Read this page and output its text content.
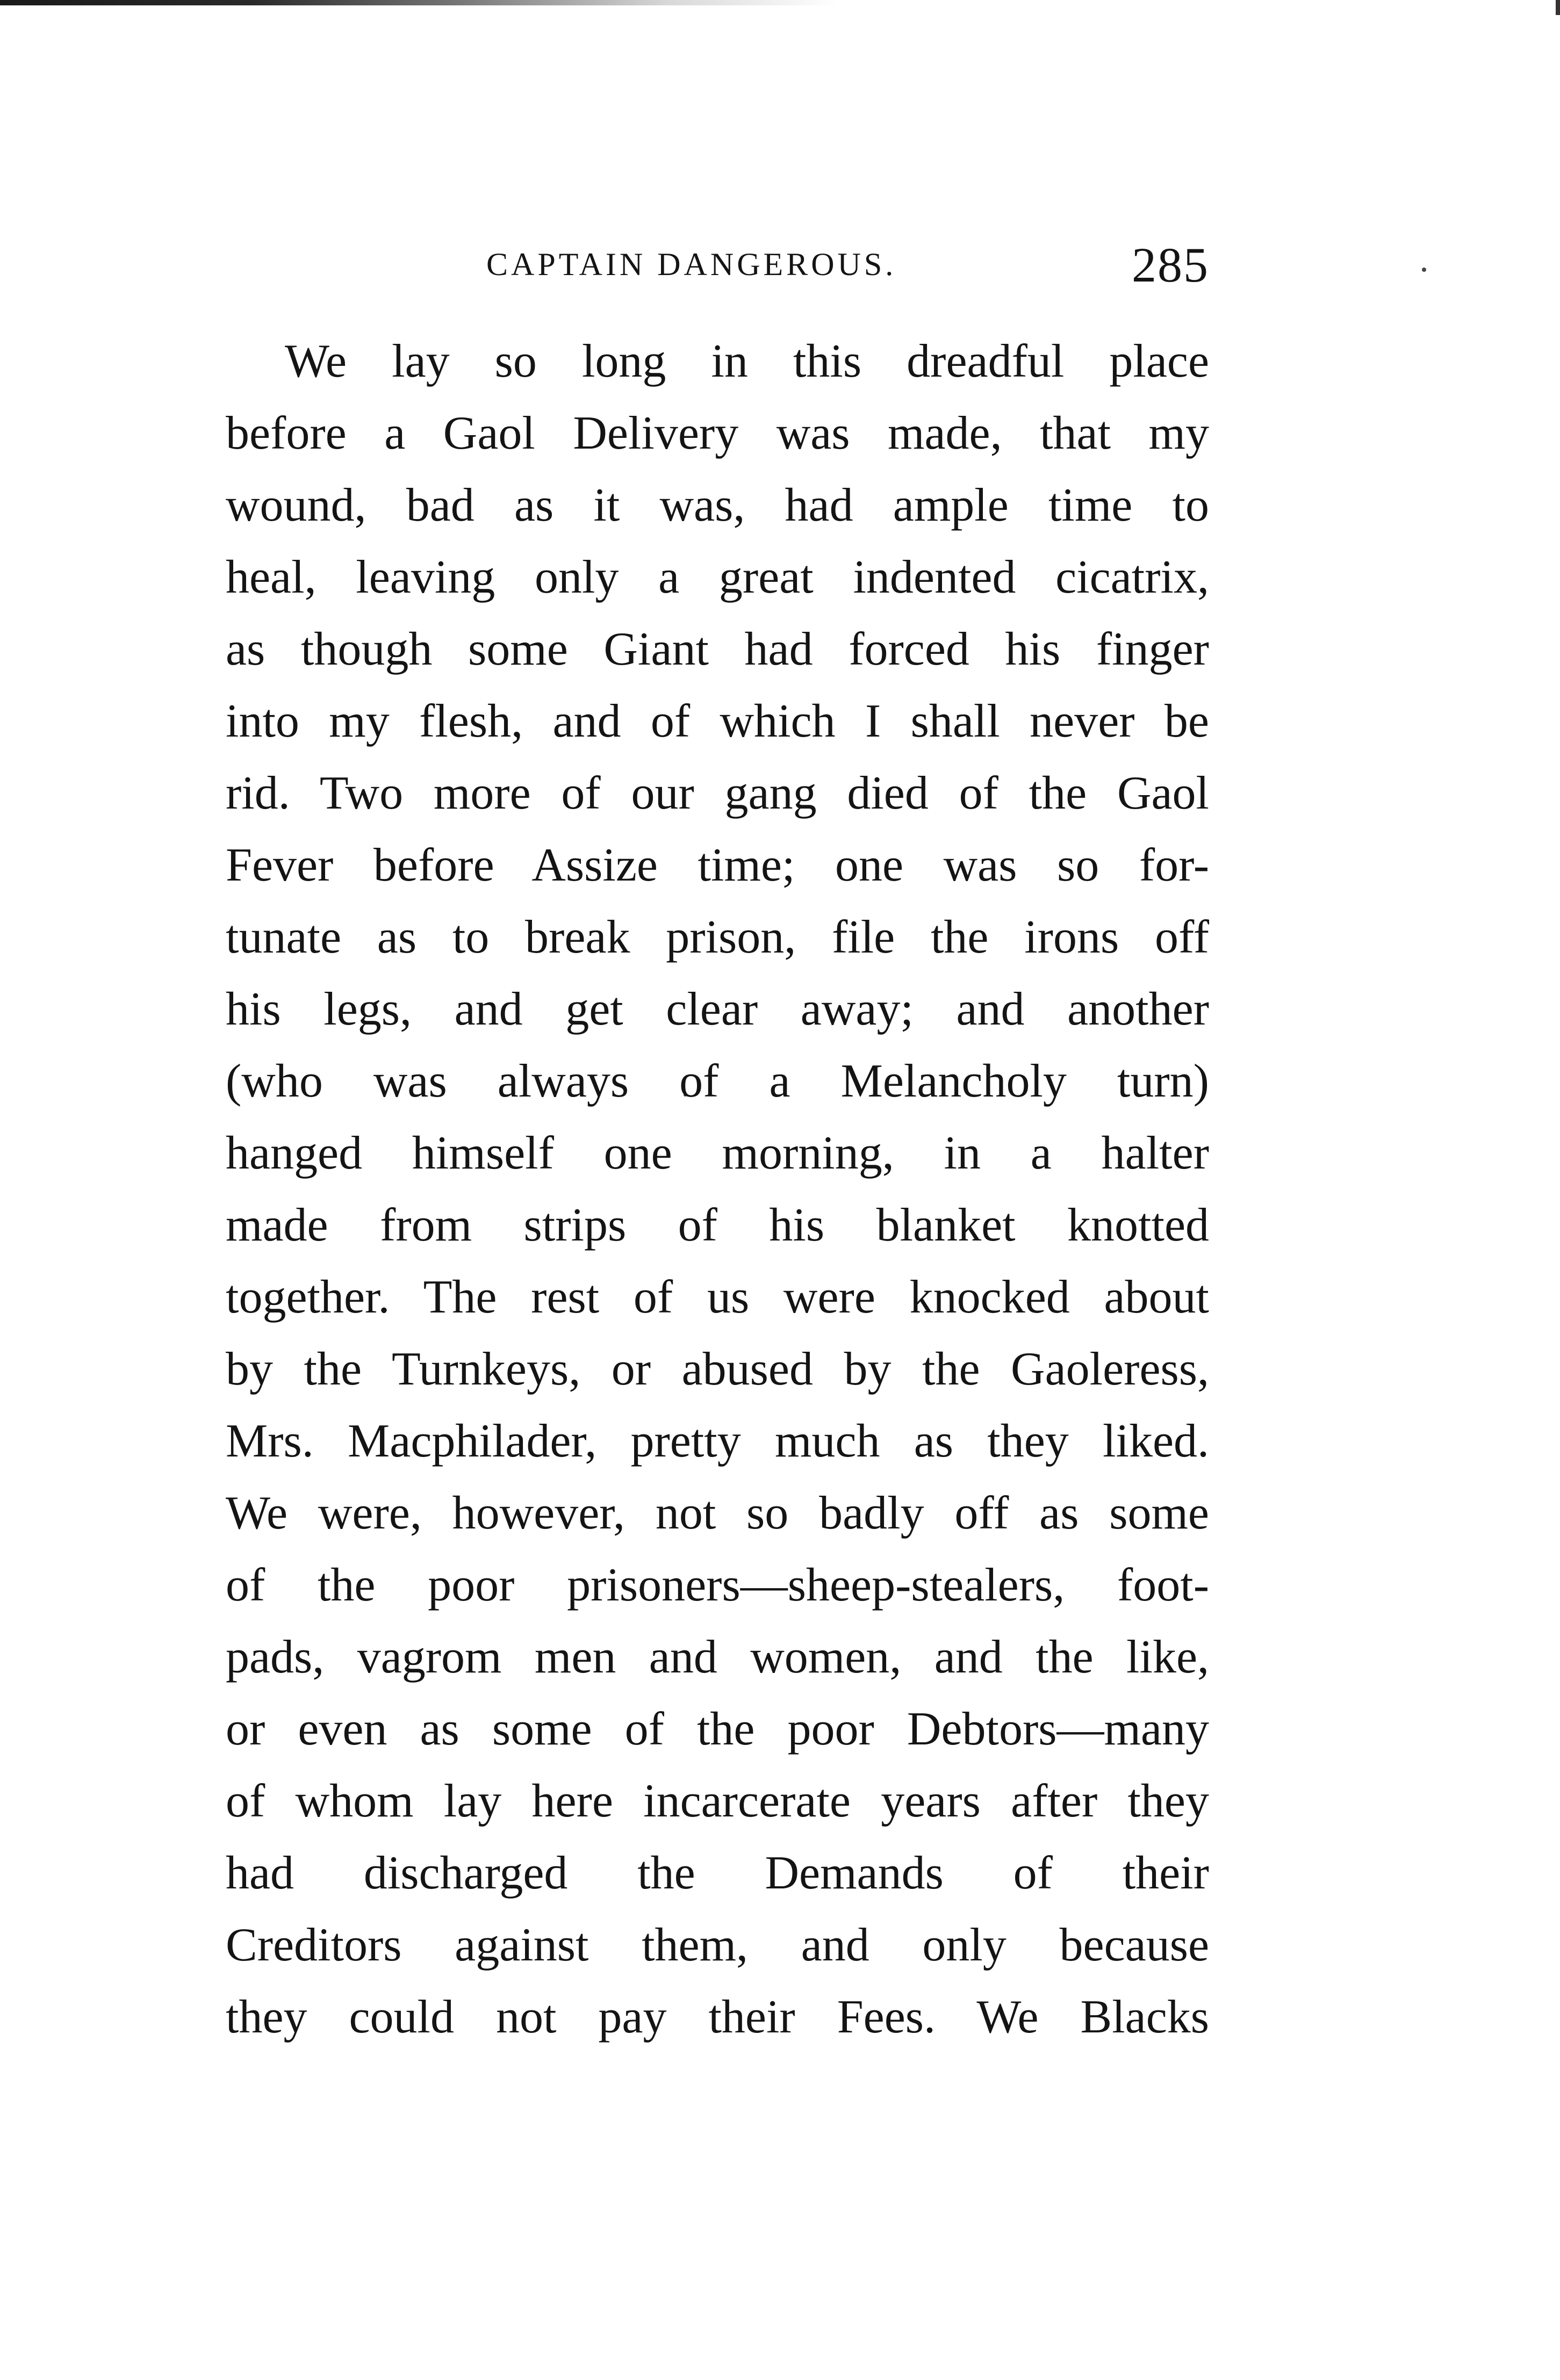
CAPTAIN DANGEROUS.	285
We lay so long in this dreadful place
before a Gaol Delivery was made, that my
wound, bad as it was, had ample time to
heal, leaving only a great indented cicatrix,
as though some Giant had forced his finger
into my flesh, and of which I shall never be
rid. Two more of our gang died of the Gaol
Fever before Assize time; one was so for-
tunate as to break prison, file the irons off
his legs, and get clear away; and another
(who was always of a Melancholy turn)
hanged himself one morning, in a halter
made from strips of his blanket knotted
together. The rest of us were knocked about
by the Turnkeys, or abused by the Gaoleress,
Mrs. Macphilader, pretty much as they liked.
We were, however, not so badly off as some
of the poor prisoners—sheep-stealers, foot-
pads, vagrom men and women, and the like,
or even as some of the poor Debtors—many
of whom lay here incarcerate years after they
had discharged the Demands of their
Creditors against them, and only because
they could not pay their Fees. We Blacks
